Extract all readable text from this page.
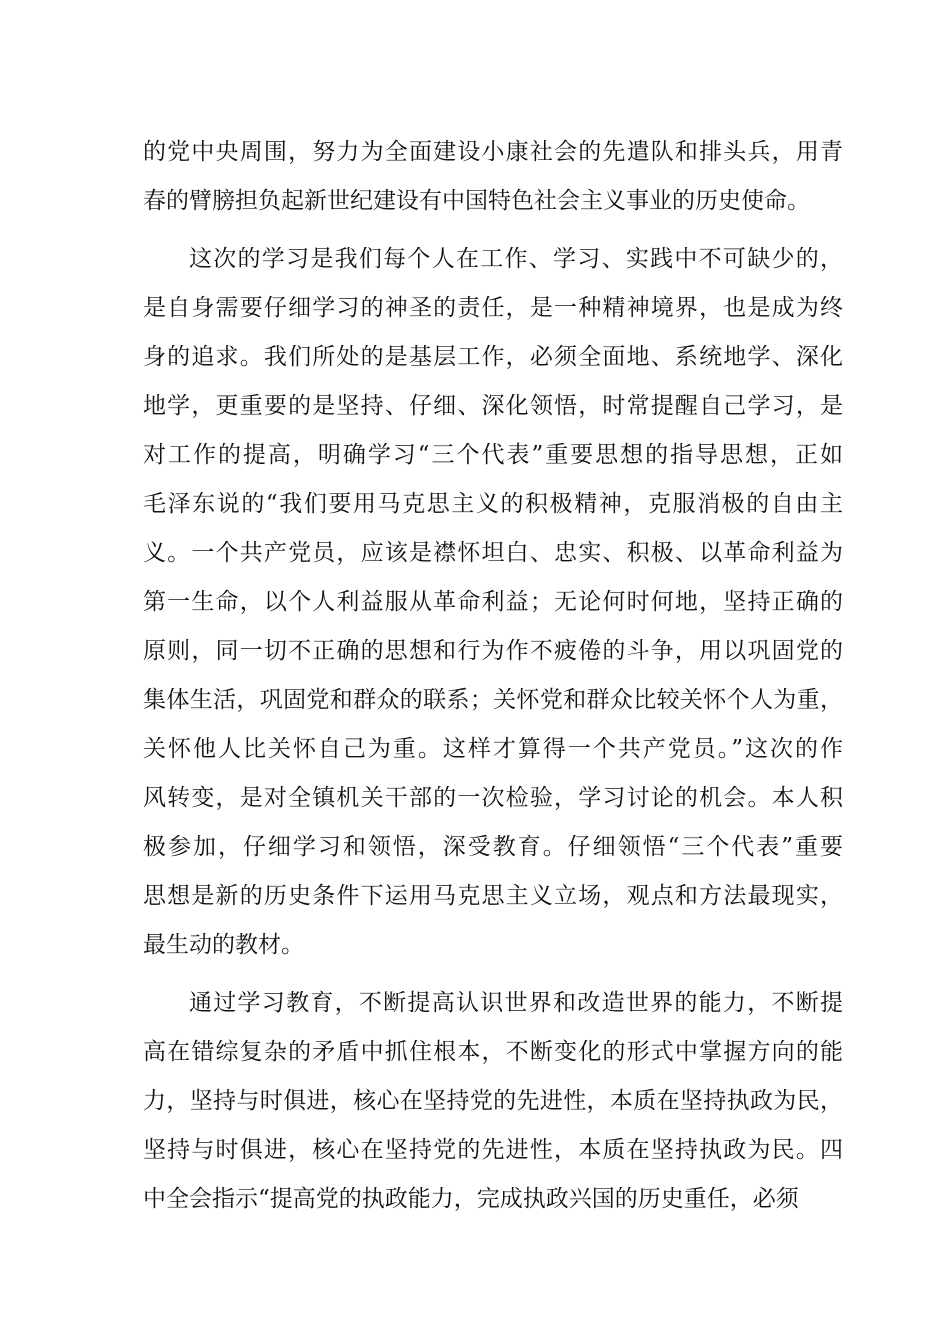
的党中央周围，努力为全面建设小康社会的先遣队和排头兵，用青
春的臂膀担负起新世纪建设有中国特色社会主义事业的历史使命。
这次的学习是我们每个人在工作、学习、实践中不可缺少的，
是自身需要仔细学习的神圣的责任，是一种精神境界，也是成为终
身的追求。我们所处的是基层工作，必须全面地、系统地学、深化
地学，更重要的是坚持、仔细、深化领悟，时常提醒自己学习，是
对工作的提高，明确学习“三个代表”重要思想的指导思想，正如
毛泽东说的“我们要用马克思主义的积极精神，克服消极的自由主
义。一个共产党员，应该是襟怀坦白、忠实、积极、以革命利益为
第一生命，以个人利益服从革命利益；无论何时何地，坚持正确的
原则，同一切不正确的思想和行为作不疲倦的斗争，用以巩固党的
集体生活，巩固党和群众的联系；关怀党和群众比较关怀个人为重，
关怀他人比关怀自己为重。这样才算得一个共产党员。”这次的作
风转变，是对全镇机关干部的一次检验，学习讨论的机会。本人积
极参加，仔细学习和领悟，深受教育。仔细领悟“三个代表”重要
思想是新的历史条件下运用马克思主义立场，观点和方法最现实，
最生动的教材。
通过学习教育，不断提高认识世界和改造世界的能力，不断提
高在错综复杂的矛盾中抓住根本，不断变化的形式中掌握方向的能
力，坚持与时俱进，核心在坚持党的先进性，本质在坚持执政为民，
坚持与时俱进，核心在坚持党的先进性，本质在坚持执政为民。四
中全会指示“提高党的执政能力，完成执政兴国的历史重任，必须
